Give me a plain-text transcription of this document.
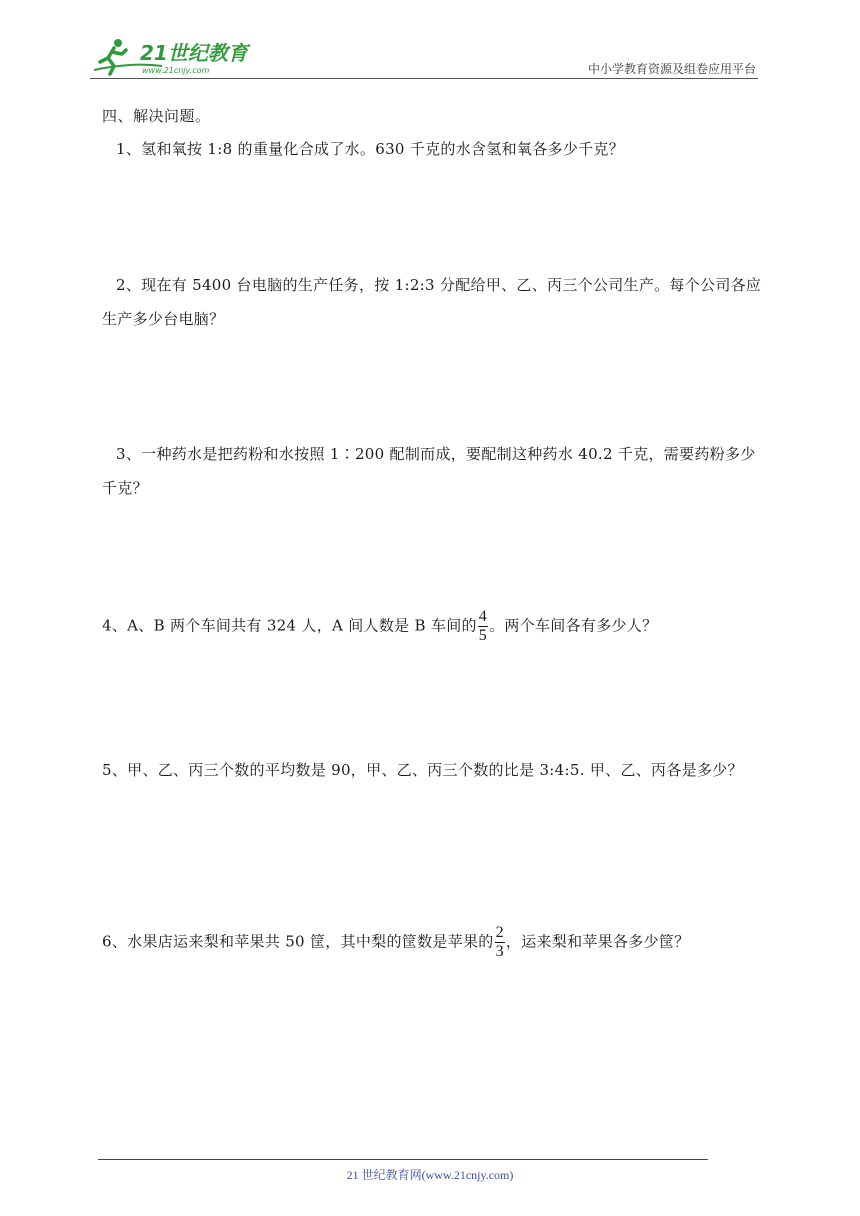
21世纪教育
www.21cnjy.com	中小学教育资源及组卷应用平台
四、解决问题。
1、氢和氧按 1:8 的重量化合成了水。630 千克的水含氢和氧各多少千克？
2、现在有 5400 台电脑的生产任务，按 1:2:3 分配给甲、乙、丙三个公司生产。每个公司各应生产多少台电脑？
3、一种药水是把药粉和水按照 1∶200 配制而成，要配制这种药水 40.2 千克，需要药粉多少千克？
4、A、B 两个车间共有 324 人，A 间人数是 B 车间的 $\frac{4}{5}$ 。两个车间各有多少人？
5、甲、乙、丙三个数的平均数是 90，甲、乙、丙三个数的比是 3:4:5. 甲、乙、丙各是多少？
6、水果店运来梨和苹果共 50 筐，其中梨的筐数是苹果的 $\frac{2}{3}$ ，运来梨和苹果各多少筐？
21 世纪教育网(www.21cnjy.com)
